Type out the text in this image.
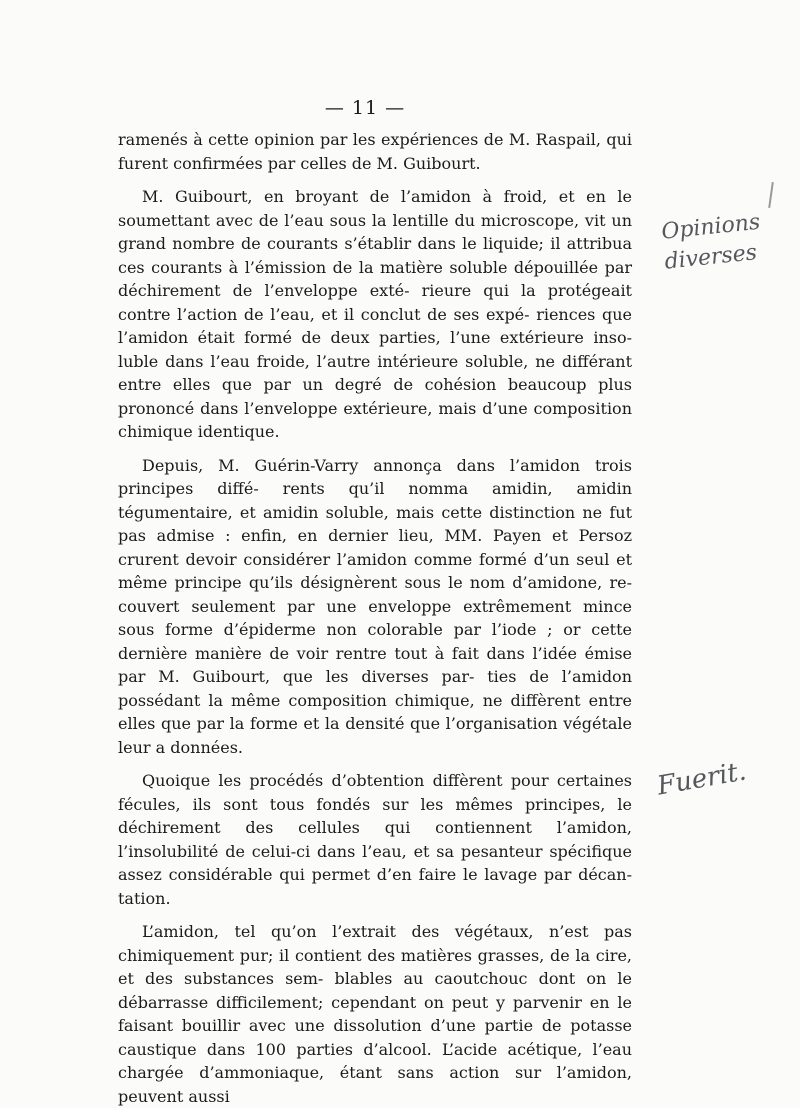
— 11 —

ramenés à cette opinion par les expériences de M. Raspail, qui furent confirmées par celles de M. Guibourt.

M. Guibourt, en broyant de l’amidon à froid, et en le soumettant avec de l’eau sous la lentille du microscope, vit un grand nombre de courants s’établir dans le liquide; il attribua ces courants à l’émission de la matière soluble dépouillée par déchirement de l’enveloppe exté- rieure qui la protégeait contre l’action de l’eau, et il conclut de ses expé- riences que l’amidon était formé de deux parties, l’une extérieure inso- luble dans l’eau froide, l’autre intérieure soluble, ne différant entre elles que par un degré de cohésion beaucoup plus prononcé dans l’enveloppe extérieure, mais d’une composition chimique identique.

Depuis, M. Guérin-Varry annonça dans l’amidon trois principes diffé- rents qu’il nomma amidin, amidin tégumentaire, et amidin soluble, mais cette distinction ne fut pas admise : enfin, en dernier lieu, MM. Payen et Persoz crurent devoir considérer l’amidon comme formé d’un seul et même principe qu’ils désignèrent sous le nom d’amidone, re- couvert seulement par une enveloppe extrêmement mince sous forme d’épiderme non colorable par l’iode ; or cette dernière manière de voir rentre tout à fait dans l’idée émise par M. Guibourt, que les diverses par- ties de l’amidon possédant la même composition chimique, ne diffèrent entre elles que par la forme et la densité que l’organisation végétale leur a données.

Quoique les procédés d’obtention diffèrent pour certaines fécules, ils sont tous fondés sur les mêmes principes, le déchirement des cellules qui contiennent l’amidon, l’insolubilité de celui-ci dans l’eau, et sa pesanteur spécifique assez considérable qui permet d’en faire le lavage par décan- tation.

L’amidon, tel qu’on l’extrait des végétaux, n’est pas chimiquement pur; il contient des matières grasses, de la cire, et des substances sem- blables au caoutchouc dont on le débarrasse difficilement; cependant on peut y parvenir en le faisant bouillir avec une dissolution d’une partie de potasse caustique dans 100 parties d’alcool. L’acide acétique, l’eau chargée d’ammoniaque, étant sans action sur l’amidon, peuvent aussi

Opinions
diverses
Fuerit.
